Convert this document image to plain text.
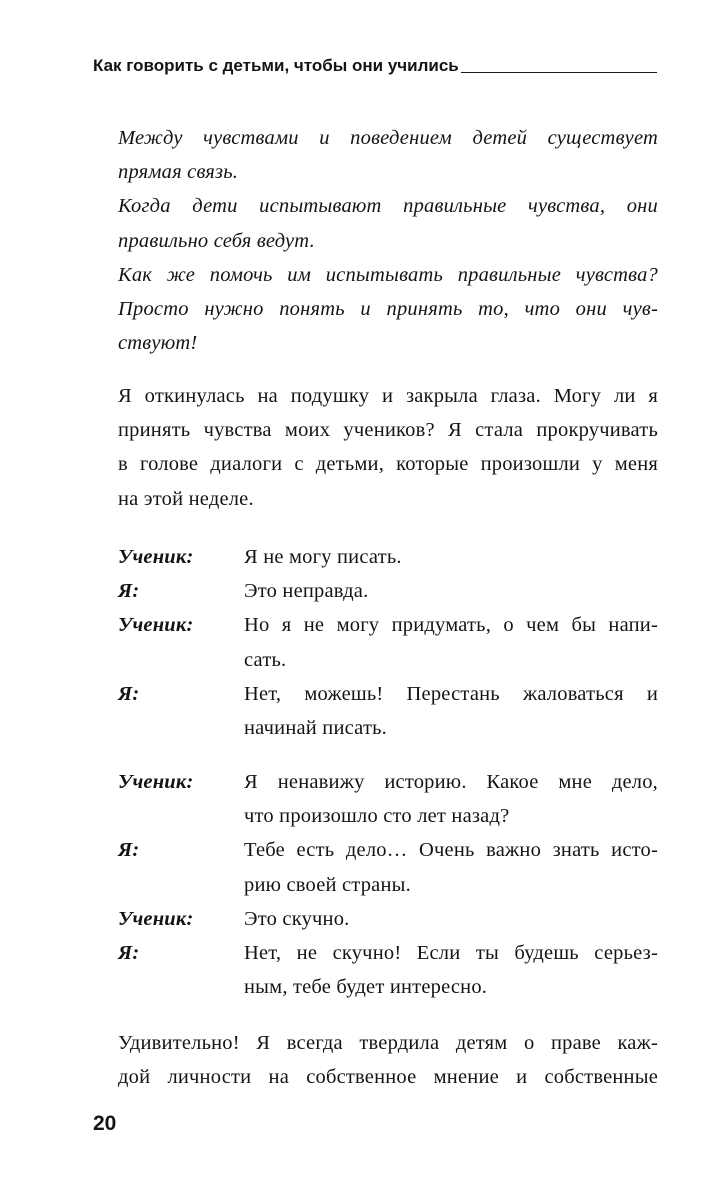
Как говорить с детьми, чтобы они учились
Между чувствами и поведением детей существует
прямая связь.
Когда дети испытывают правильные чувства, они
правильно себя ведут.
Как же помочь им испытывать правильные чувства?
Просто нужно понять и принять то, что они чув-
ствуют!
Я откинулась на подушку и закрыла глаза. Могу ли я
принять чувства моих учеников? Я стала прокручивать
в голове диалоги с детьми, которые произошли у меня
на этой неделе.
Ученик:	Я не могу писать.
Я:	Это неправда.
Ученик:	Но я не могу придумать, о чем бы напи-
сать.
Я:	Нет, можешь! Перестань жаловаться и
начинай писать.
Ученик:	Я ненавижу историю. Какое мне дело,
что произошло сто лет назад?
Я:	Тебе есть дело… Очень важно знать исто-
рию своей страны.
Ученик:	Это скучно.
Я:	Нет, не скучно! Если ты будешь серьез-
ным, тебе будет интересно.
Удивительно! Я всегда твердила детям о праве каж-
дой личности на собственное мнение и собственные
20
